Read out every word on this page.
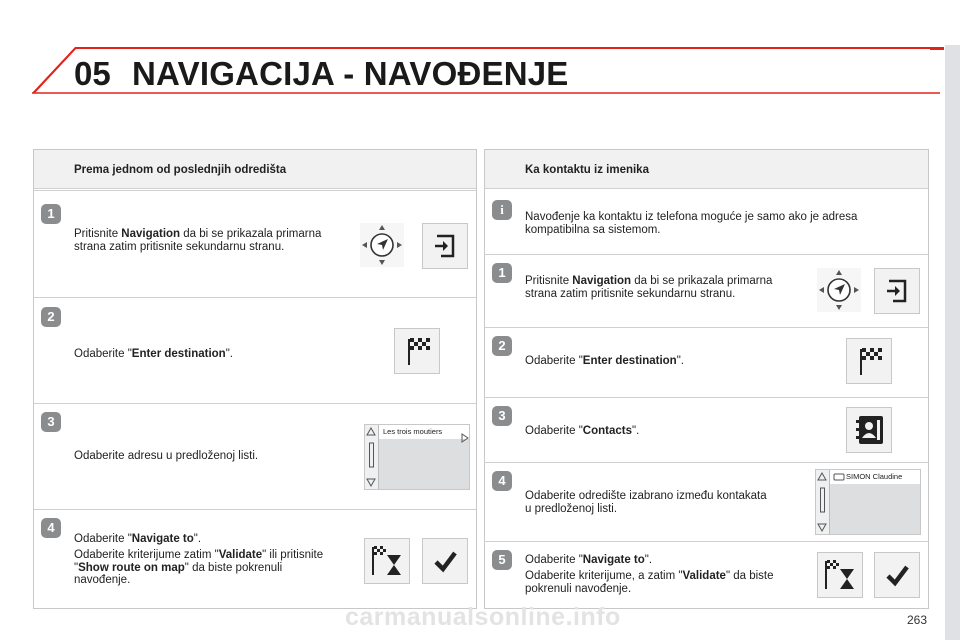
05 NAVIGACIJA - NAVOĐENJE
Prema jednom od poslednjih odredišta
1
Pritisnite Navigation da bi se prikazala primarna strana zatim pritisnite sekundarnu stranu.
2
Odaberite "Enter destination".
3
Odaberite adresu u predloženoj listi.
Les trois moutiers
4
Odaberite "Navigate to".
Odaberite kriterijume zatim "Validate" ili pritisnite "Show route on map" da biste pokrenuli navođenje.
Ka kontaktu iz imenika
i	Navođenje ka kontaktu iz telefona moguće je samo ako je adresa kompatibilna sa sistemom.
1
Pritisnite Navigation da bi se prikazala primarna strana zatim pritisnite sekundarnu stranu.
2
Odaberite "Enter destination".
3
Odaberite "Contacts".
4
Odaberite odredište izabrano između kontakata u predloženoj listi.
SIMON Claudine
5	Odaberite "Navigate to".
Odaberite kriterijume, a zatim "Validate" da biste pokrenuli navođenje.
carmanualsonline.info	263
